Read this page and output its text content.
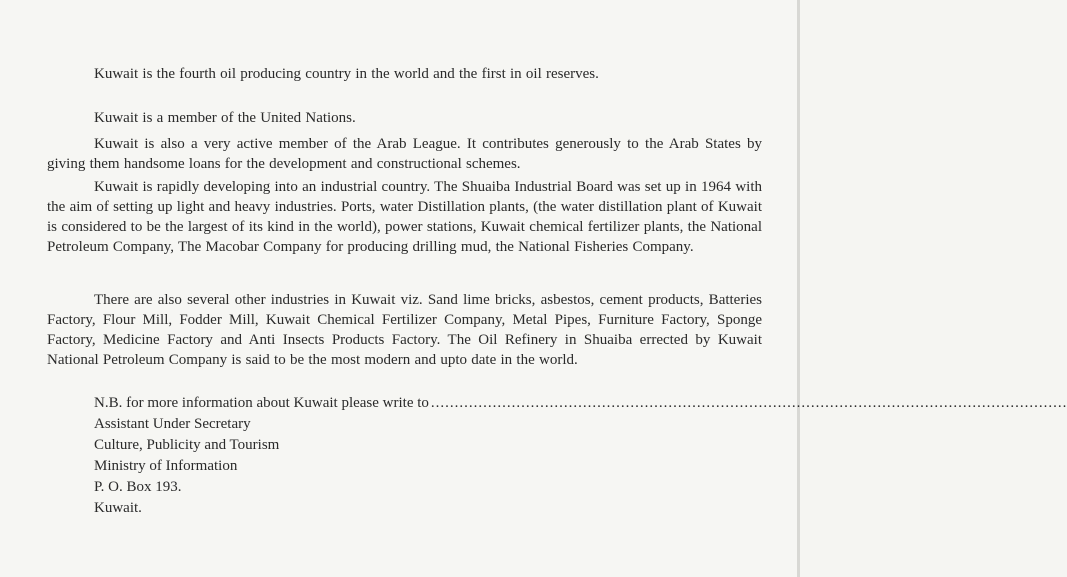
Kuwait is the fourth oil producing country in the world and the first in oil reserves.

Kuwait is a member of the United Nations.

Kuwait is also a very active member of the Arab League. It contributes generously to the Arab States by giving them handsome loans for the development and constructional schemes.

Kuwait is rapidly developing into an industrial country. The Shuaiba Industrial Board was set up in 1964 with the aim of setting up light and heavy industries. Ports, water Distillation plants, (the water distillation plant of Kuwait is considered to be the largest of its kind in the world), power stations, Kuwait chemical fertilizer plants, the National Petroleum Company, The Macobar Company for producing drilling mud, the National Fisheries Company.

There are also several other industries in Kuwait viz. Sand lime bricks, asbestos, cement products, Batteries Factory, Flour Mill, Fodder Mill, Kuwait Chemical Fertilizer Company, Metal Pipes, Furniture Factory, Sponge Factory, Medicine Factory and Anti Insects Products Factory. The Oil Refinery in Shuaiba errected by Kuwait National Petroleum Company is said to be the most modern and upto date in the world.

N.B. for more information about Kuwait please write to ......................................................................................................................................

Assistant Under Secretary

Culture, Publicity and Tourism

Ministry of Information

P. O. Box 193.

Kuwait.
